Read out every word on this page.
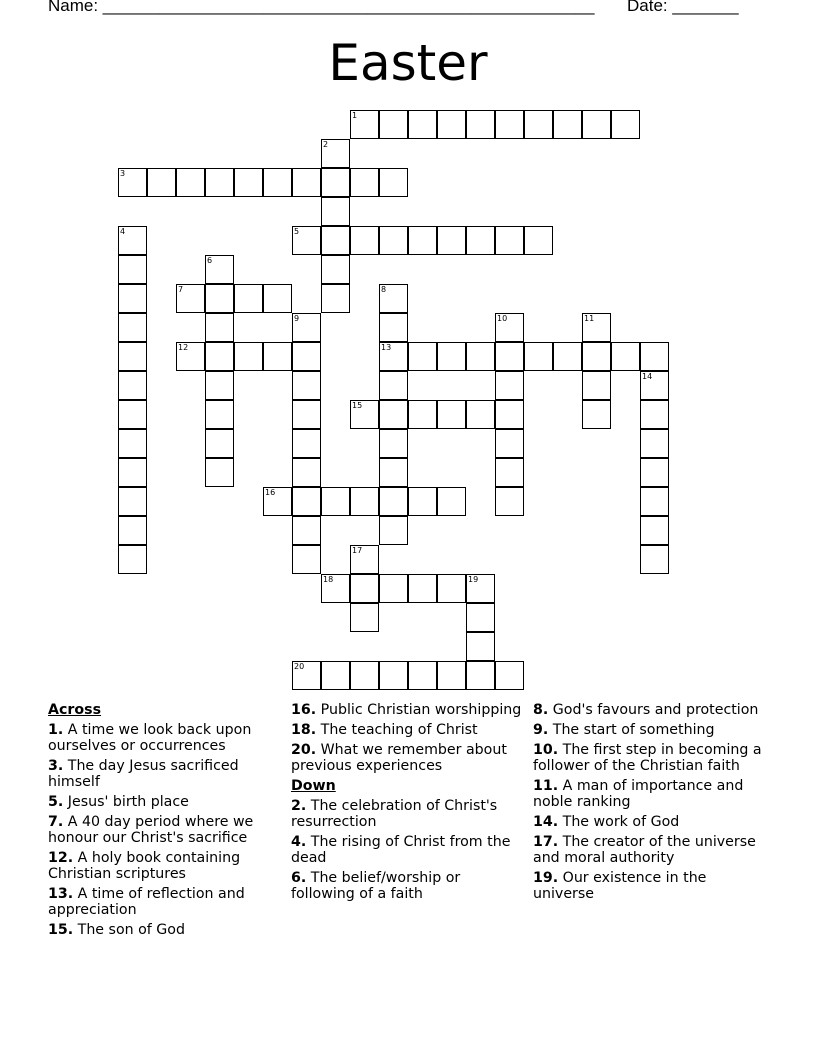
Name: ____________________________________________________ Date: _______
Easter
1
2
3
4	5
6
7	8
13
9	10	11
12
14
15
16
17
18	19
20
Across
1. A time we look back upon ourselves or occurrences
3. The day Jesus sacrificed himself
5. Jesus' birth place
7. A 40 day period where we honour our Christ's sacrifice
12. A holy book containing Christian scriptures
13. A time of reflection and appreciation
15. The son of God
16. Public Christian worshipping
18. The teaching of Christ
20. What we remember about previous experiences
Down
2. The celebration of Christ's resurrection
4. The rising of Christ from the dead
6. The belief/worship or following of a faith
8. God's favours and protection
9. The start of something
10. The first step in becoming a follower of the Christian faith
11. A man of importance and noble ranking
14. The work of God
17. The creator of the universe and moral authority
19. Our existence in the universe
